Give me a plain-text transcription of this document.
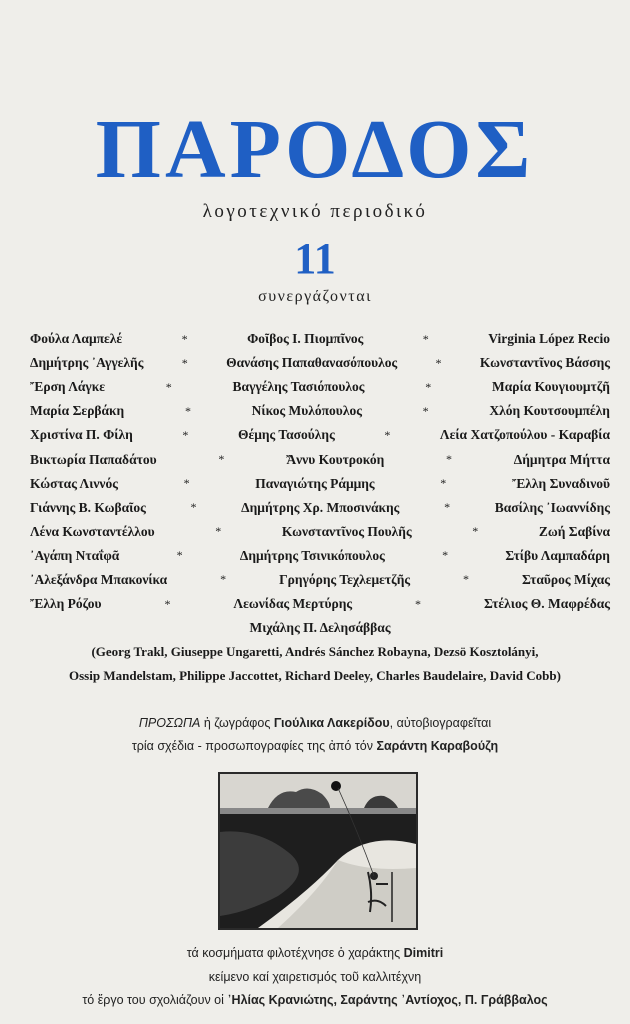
ΠΑΡΟΔΟΣ
λογοτεχνικό περιοδικό
11
συνεργάζονται
Φούλα Λαμπελέ	*	Φοῖβος Ι. Πιομπῖνος	*	Virginia López Recio
Δημήτρης ᾿Αγγελῆς	*	Θανάσης Παπαθανασόπουλος	*	Κωνσταντῖνος Βάσσης
Ἔρση Λάγκε	*	Βαγγέλης Τασιόπουλος	*	Μαρία Κουγιουμτζῆ
Μαρία Σερβάκη	*	Νίκος Μυλόπουλος	*	Χλόη Κουτσουμπέλη
Χριστίνα Π. Φίλη	*	Θέμης Τασούλης	*	Λεία Χατζοπούλου - Καραβία
Βικτωρία Παπαδάτου	*	Ἄννυ Κουτροκόη	*	Δήμητρα Μήττα
Κώστας Λιννός	*	Παναγιώτης Ράμμης	*	Ἔλλη Συναδινοῦ
Γιάννης Β. Κωβαῖος	*	Δημήτρης Χρ. Μποσινάκης	*	Βασίλης ᾿Ιωαννίδης
Λένα Κωνσταντέλλου	*	Κωνσταντῖνος Πουλῆς	*	Ζωή Σαβίνα
᾿Αγάπη Νταΐφᾶ	*	Δημήτρης Τσινικόπουλος	*	Στίβυ Λαμπαδάρη
᾿Αλεξάνδρα Μπακονίκα	*	Γρηγόρης Τεχλεμετζῆς	*	Σταῦρος Μίχας
Ἔλλη Ρόζου	*	Λεωνίδας Μερτύρης	*	Στέλιος Θ. Μαφρέδας
Μιχάλης Π. Δελησάββας
(Georg Trakl, Giuseppe Ungaretti, Andrés Sánchez Robayna, Dezsö Kosztolányi,
Ossip Mandelstam, Philippe Jaccottet, Richard Deeley, Charles Baudelaire, David Cobb)
ΠΡΟΣΩΠΑ ἡ ζωγράφος Γιούλικα Λακερίδου, αὐτοβιογραφεῖται
τρία σχέδια - προσωπογραφίες της ἀπό τόν Σαράντη Καραβούζη
τά κοσμήματα φιλοτέχνησε ὁ χαράκτης Dimitri
κείμενο καί χαιρετισμός τοῦ καλλιτέχνη
τό ἔργο του σχολιάζουν οἱ ᾿Ηλίας Κρανιώτης, Σαράντης ᾿Αντίοχος, Π. Γράββαλος
